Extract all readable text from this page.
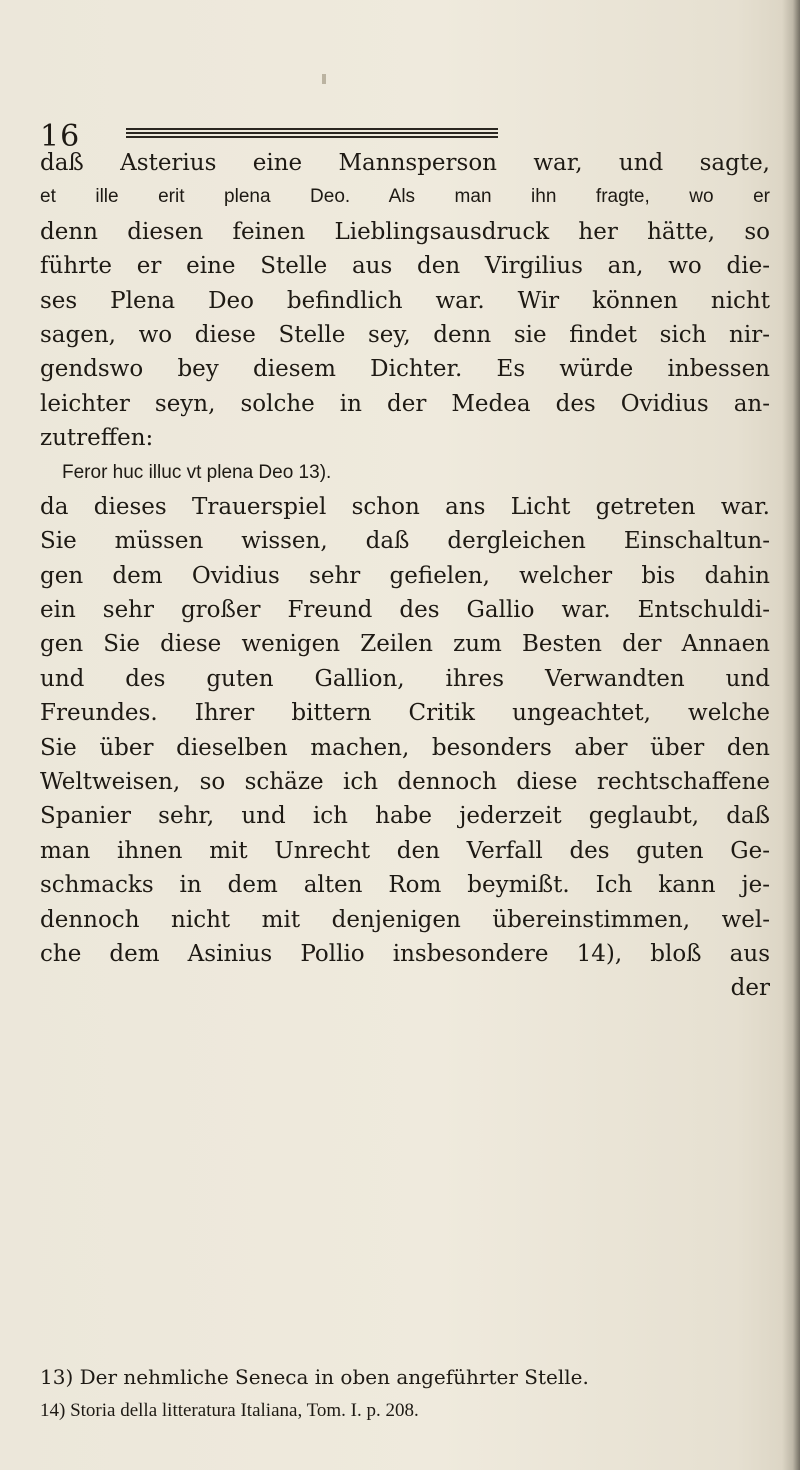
16
daß Asterius eine Mannsperson war, und sagte,
et ille erit plena Deo. Als man ihn fragte, wo er
denn diesen feinen Lieblingsausdruck her hätte, so
führte er eine Stelle aus den Virgilius an, wo die-
ses Plena Deo befindlich war. Wir können nicht
sagen, wo diese Stelle sey, denn sie findet sich nir-
gendswo bey diesem Dichter. Es würde inbessen
leichter seyn, solche in der Medea des Ovidius an-
zutreffen:
Feror huc illuc vt plena Deo 13).
da dieses Trauerspiel schon ans Licht getreten war.
Sie müssen wissen, daß dergleichen Einschaltun-
gen dem Ovidius sehr gefielen, welcher bis dahin
ein sehr großer Freund des Gallio war. Entschuldi-
gen Sie diese wenigen Zeilen zum Besten der Annaen
und des guten Gallion, ihres Verwandten und
Freundes. Ihrer bittern Critik ungeachtet, welche
Sie über dieselben machen, besonders aber über den
Weltweisen, so schäze ich dennoch diese rechtschaffene
Spanier sehr, und ich habe jederzeit geglaubt, daß
man ihnen mit Unrecht den Verfall des guten Ge-
schmacks in dem alten Rom beymißt. Ich kann je-
dennoch nicht mit denjenigen übereinstimmen, wel-
che dem Asinius Pollio insbesondere 14), bloß aus
der
13) Der nehmliche Seneca in oben angeführter Stelle.
14) Storia della litteratura Italiana, Tom. I. p. 208.
